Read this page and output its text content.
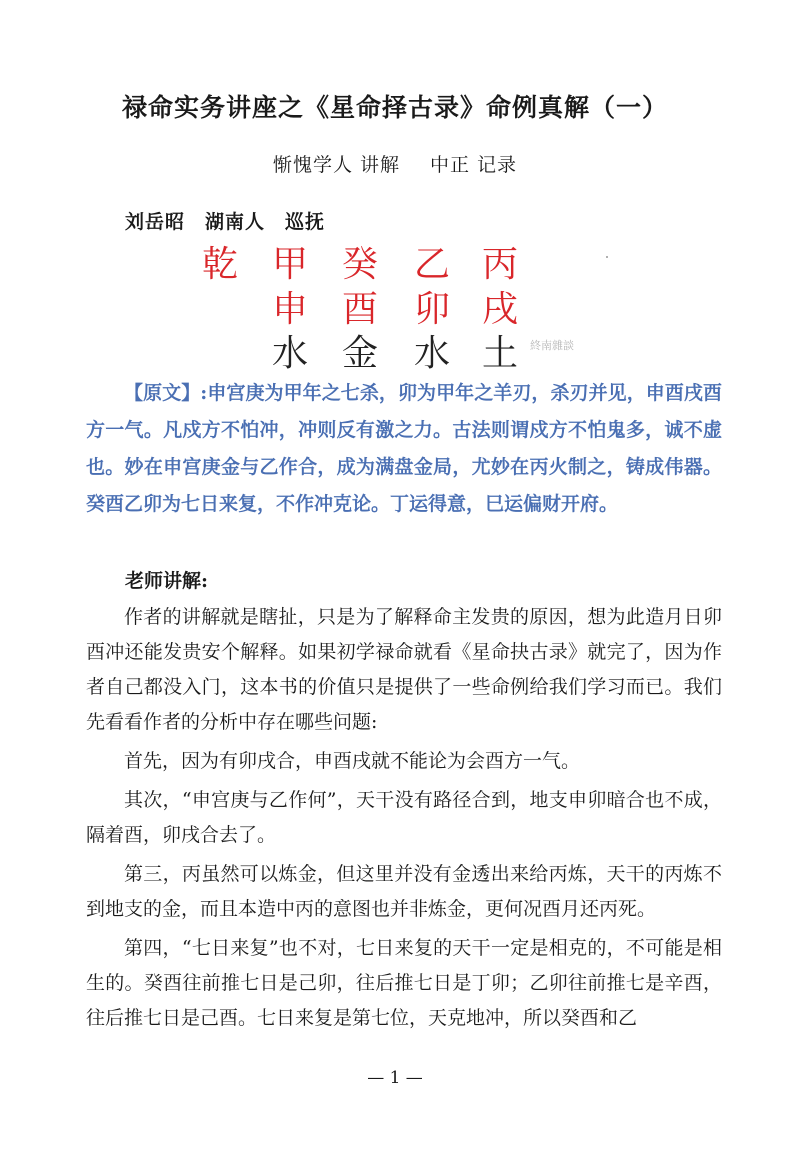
禄命实务讲座之《星命择古录》命例真解（一）
惭愧学人 讲解 中正 记录
刘岳昭　湖南人　巡抚
乾 甲 癸 乙 丙
申 酉 卯 戌
水 金 水 土	終南雜談
【原文】:申宫庚为甲年之七杀，卯为甲年之羊刃，杀刃并见，申酉戌酉方一气。凡戍方不怕冲，冲则反有激之力。古法则谓戍方不怕鬼多，诚不虚也。妙在申宫庚金与乙作合，成为满盘金局，尤妙在丙火制之，铸成伟器。癸酉乙卯为七日来复，不作冲克论。丁运得意，巳运偏财开府。
老师讲解:

作者的讲解就是瞎扯，只是为了解释命主发贵的原因，想为此造月日卯酉冲还能发贵安个解释。如果初学禄命就看《星命抉古录》就完了，因为作者自己都没入门，这本书的价值只是提供了一些命例给我们学习而已。我们先看看作者的分析中存在哪些问题:

首先，因为有卯戌合，申酉戌就不能论为会酉方一气。

其次，“申宫庚与乙作何”，天干没有路径合到，地支申卯暗合也不成，隔着酉，卯戌合去了。

第三，丙虽然可以炼金，但这里并没有金透出来给丙炼，天干的丙炼不到地支的金，而且本造中丙的意图也并非炼金，更何况酉月还丙死。

第四，“七日来复”也不对，七日来复的天干一定是相克的，不可能是相生的。癸酉往前推七日是己卯，往后推七日是丁卯；乙卯往前推七是辛酉，往后推七日是己酉。七日来复是第七位，天克地冲，所以癸酉和乙

— 1 —
